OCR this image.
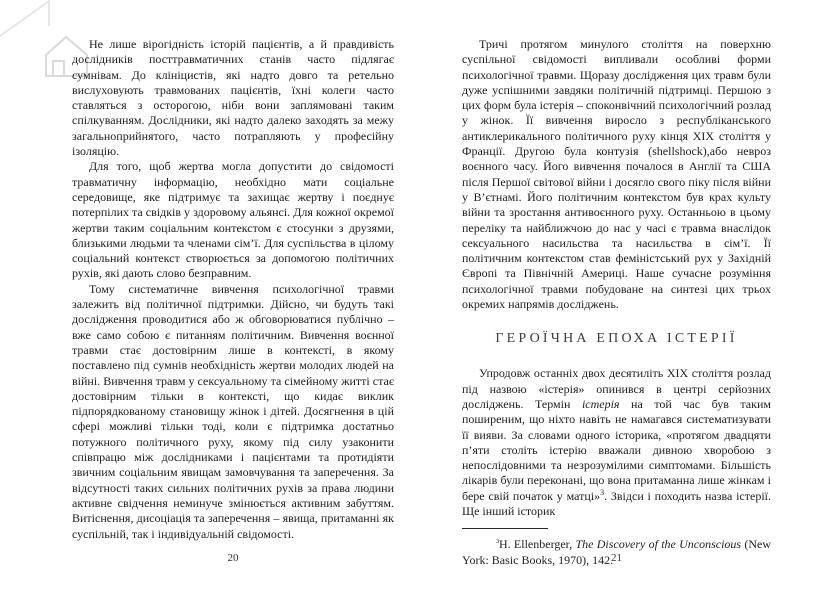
Не лише вірогідність історій пацієнтів, а й правдивість дослідників посттравматичних станів часто підлягає сумнівам. До клініцистів, які надто довго та ретельно вислуховують травмованих пацієнтів, їхні колеги часто ставляться з осторогою, ніби вони заплямовані таким спілкуванням. Дослідники, які надто далеко заходять за межу загальноприйнятого, часто потрапляють у професійну ізоляцію.

Для того, щоб жертва могла допустити до свідомості травматичну інформацію, необхідно мати соціальне середовище, яке підтримує та захищає жертву і поєднує потерпілих та свідків у здоровому альянсі. Для кожної окремої жертви таким соціальним контекстом є стосунки з друзями, близькими людьми та членами сім’ї. Для суспільства в цілому соціальний контекст створюється за допомогою політичних рухів, які дають слово безправним.

Тому систематичне вивчення психологічної травми залежить від політичної підтримки. Дійсно, чи будуть такі дослідження проводитися або ж обговорюватися публічно – вже само собою є питанням політичним. Вивчення воєнної травми стає достовірним лише в контексті, в якому поставлено під сумнів необхідність жертви молодих людей на війні. Вивчення травм у сексуальному та сімейному житті стає достовірним тільки в контексті, що кидає виклик підпорядкованому становищу жінок і дітей. Досягнення в цій сфері можливі тільки тоді, коли є підтримка достатньо потужного політичного руху, якому під силу узаконити співпрацю між дослідниками і пацієнтами та протидіяти звичним соціальним явищам замовчування та заперечення. За відсутності таких сильних політичних рухів за права людини активне свідчення неминуче змінюється активним забуттям. Витіснення, дисоціація та заперечення – явища, притаманні як суспільній, так і індивідуальній свідомості.

20

Тричі протягом минулого століття на поверхню суспільної свідомості випливали особливі форми психологічної травми. Щоразу дослідження цих травм були дуже успішними завдяки політичній підтримці. Першою з цих форм була істерія – споконвічний психологічний розлад у жінок. Її вивчення виросло з республіканського антиклерикального політичного руху кінця XIX століття у Франції. Другою була контузія (shellshock),або невроз воєнного часу. Його вивчення почалося в Англії та США після Першої світової війни і досягло свого піку після війни у В’єтнамі. Його політичним контекстом був крах культу війни та зростання антивоєнного руху. Останньою в цьому переліку та найближчою до нас у часі є травма внаслідок сексуального насильства та насильства в сім’ї. Її політичним контекстом став феміністський рух у Західній Європі та Північній Америці. Наше сучасне розуміння психологічної травми побудоване на синтезі цих трьох окремих напрямів досліджень.

ГЕРОЇЧНА ЕПОХА ІСТЕРІЇ

Упродовж останніх двох десятиліть XIX століття розлад під назвою «істерія» опинився в центрі серйозних досліджень. Термін істерія на той час був таким поширеним, що ніхто навіть не намагався систематизувати її вияви. За словами одного історика, «протягом двадцяти п’яти століть істерію вважали дивною хворобою з непослідовними та незрозумілими симптомами. Більшість лікарів були переконані, що вона притаманна лише жінкам і бере свій початок у матці»$^3$. Звідси і походить назва істерії. Ще інший історик

3H. Ellenberger, The Discovery of the Unconscious (New York: Basic Books, 1970), 142.

21
